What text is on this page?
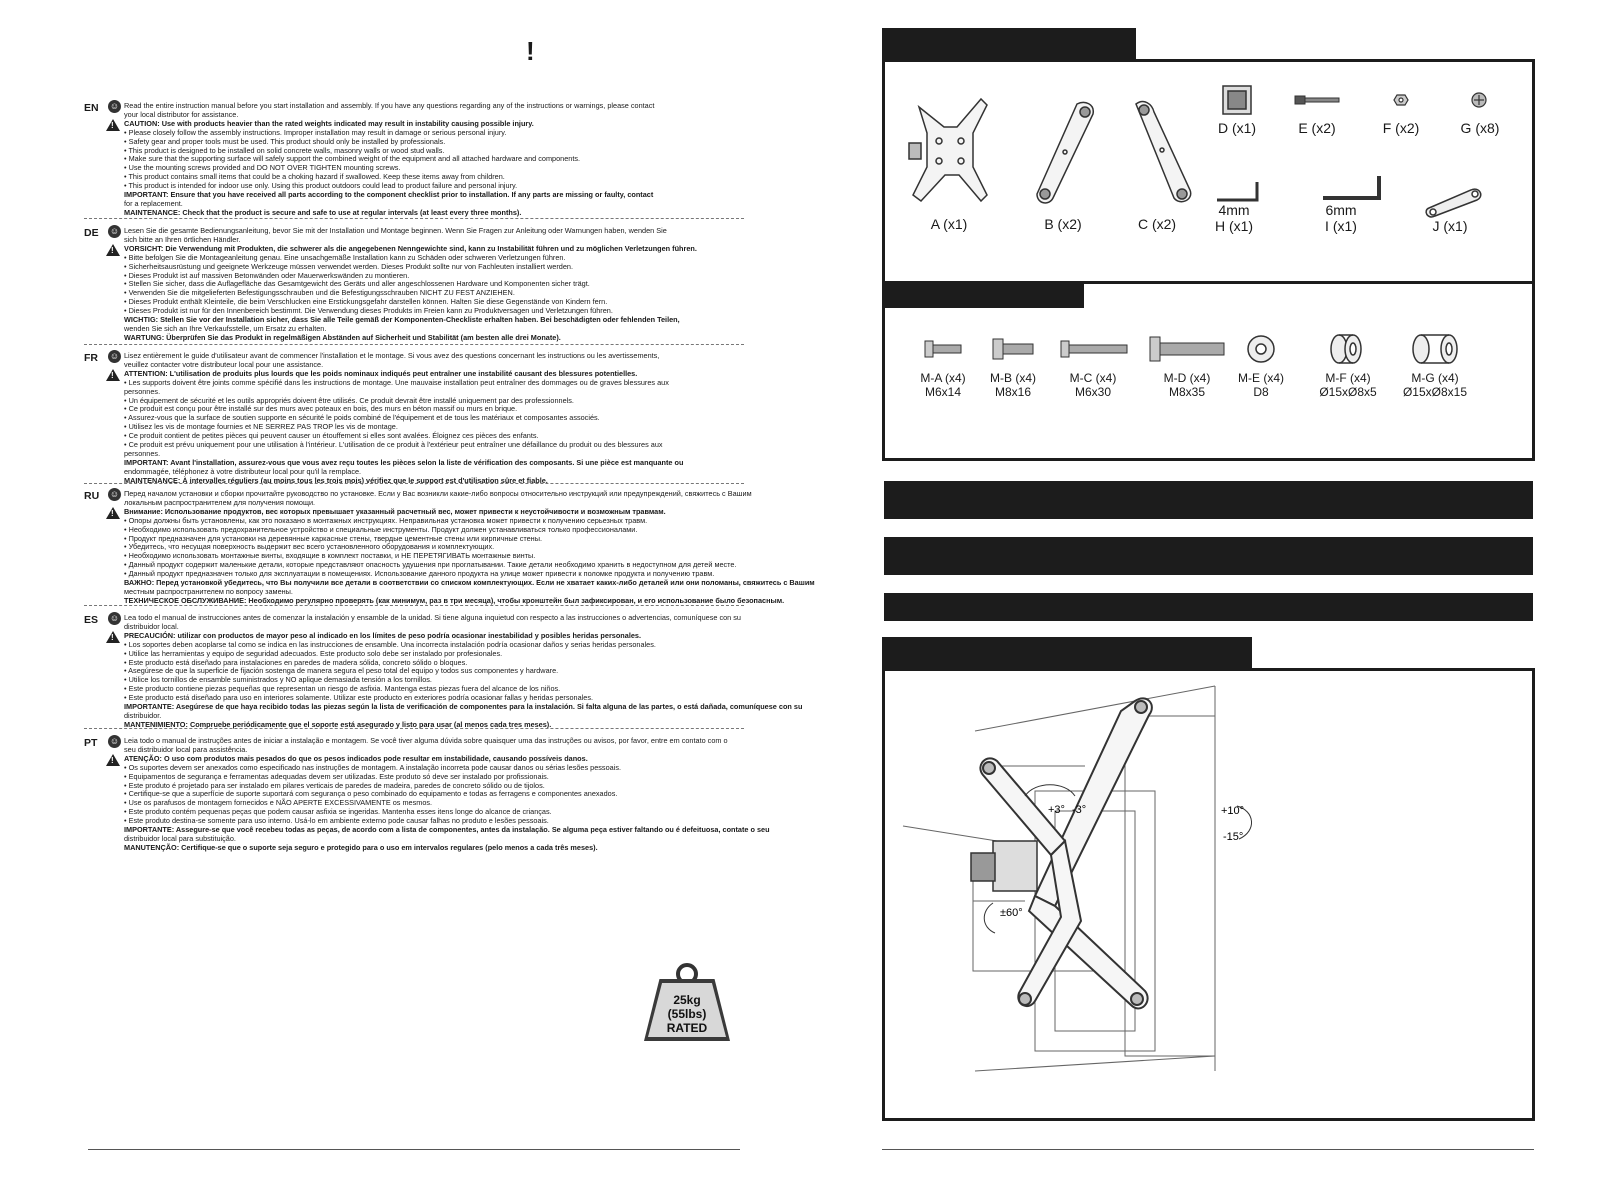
!
EN ☺
! Read the entire instruction manual before you start installation and assembly. If you have any questions regarding any of the instructions or warnings, please contact

your local distributor for assistance.

CAUTION: Use with products heavier than the rated weights indicated may result in instability causing possible injury.

• Please closely follow the assembly instructions. Improper installation may result in damage or serious personal injury.

• Safety gear and proper tools must be used. This product should only be installed by professionals.

• This product is designed to be installed on solid concrete walls, masonry walls or wood stud walls.

• Make sure that the supporting surface will safely support the combined weight of the equipment and all attached hardware and components.

• Use the mounting screws provided and DO NOT OVER TIGHTEN mounting screws.

• This product contains small items that could be a choking hazard if swallowed. Keep these items away from children.

• This product is intended for indoor use only. Using this product outdoors could lead to product failure and personal injury.

IMPORTANT: Ensure that you have received all parts according to the component checklist prior to installation. If any parts are missing or faulty, contact

for a replacement.

MAINTENANCE: Check that the product is secure and safe to use at regular intervals (at least every three months).

DE ☺
! Lesen Sie die gesamte Bedienungsanleitung, bevor Sie mit der Installation und Montage beginnen. Wenn Sie Fragen zur Anleitung oder Warnungen haben, wenden Sie

sich bitte an Ihren örtlichen Händler.

VORSICHT: Die Verwendung mit Produkten, die schwerer als die angegebenen Nenngewichte sind, kann zu Instabilität führen und zu möglichen Verletzungen führen.

• Bitte befolgen Sie die Montageanleitung genau. Eine unsachgemäße Installation kann zu Schäden oder schweren Verletzungen führen.

• Sicherheitsausrüstung und geeignete Werkzeuge müssen verwendet werden. Dieses Produkt sollte nur von Fachleuten installiert werden.

• Dieses Produkt ist auf massiven Betonwänden oder Mauerwerkswänden zu montieren.

• Stellen Sie sicher, dass die Auflagefläche das Gesamtgewicht des Geräts und aller angeschlossenen Hardware und Komponenten sicher trägt.

• Verwenden Sie die mitgelieferten Befestigungsschrauben und die Befestigungsschrauben NICHT ZU FEST ANZIEHEN.

• Dieses Produkt enthält Kleinteile, die beim Verschlucken eine Erstickungsgefahr darstellen können. Halten Sie diese Gegenstände von Kindern fern.

• Dieses Produkt ist nur für den Innenbereich bestimmt. Die Verwendung dieses Produkts im Freien kann zu Produktversagen und Verletzungen führen.

WICHTIG: Stellen Sie vor der Installation sicher, dass Sie alle Teile gemäß der Komponenten-Checkliste erhalten haben. Bei beschädigten oder fehlenden Teilen,

wenden Sie sich an Ihre Verkaufsstelle, um Ersatz zu erhalten.

WARTUNG: Überprüfen Sie das Produkt in regelmäßigen Abständen auf Sicherheit und Stabilität (am besten alle drei Monate).

FR ☺
! Lisez entièrement le guide d'utilisateur avant de commencer l'installation et le montage. Si vous avez des questions concernant les instructions ou les avertissements,

veuillez contacter votre distributeur local pour une assistance.

ATTENTION: L'utilisation de produits plus lourds que les poids nominaux indiqués peut entraîner une instabilité causant des blessures potentielles.

• Les supports doivent être joints comme spécifié dans les instructions de montage. Une mauvaise installation peut entraîner des dommages ou de graves blessures aux

personnes.

• Un équipement de sécurité et les outils appropriés doivent être utilisés. Ce produit devrait être installé uniquement par des professionnels.

• Ce produit est conçu pour être installé sur des murs avec poteaux en bois, des murs en béton massif ou murs en brique.

• Assurez-vous que la surface de soutien supporte en sécurité le poids combiné de l'équipement et de tous les matériaux et composantes associés.

• Utilisez les vis de montage fournies et NE SERREZ PAS TROP les vis de montage.

• Ce produit contient de petites pièces qui peuvent causer un étouffement si elles sont avalées. Éloignez ces pièces des enfants.

• Ce produit est prévu uniquement pour une utilisation à l'intérieur. L'utilisation de ce produit à l'extérieur peut entraîner une défaillance du produit ou des blessures aux

personnes.

IMPORTANT: Avant l'installation, assurez-vous que vous avez reçu toutes les pièces selon la liste de vérification des composants. Si une pièce est manquante ou

endommagée, téléphonez à votre distributeur local pour qu'il la remplace.

MAINTENANCE: À intervalles réguliers (au moins tous les trois mois) vérifiez que le support est d'utilisation sûre et fiable.

RU ☺
! Перед началом установки и сборки прочитайте руководство по установке. Если у Вас возникли какие-либо вопросы относительно инструкций или предупреждений, свяжитесь с Вашим

локальным распространителем для получения помощи.

Внимание: Использование продуктов, вес которых превышает указанный расчетный вес, может привести к неустойчивости и возможным травмам.

• Опоры должны быть установлены, как это показано в монтажных инструкциях. Неправильная установка может привести к получению серьезных травм.

• Необходимо использовать предохранительное устройство и специальные инструменты. Продукт должен устанавливаться только профессионалами.

• Продукт предназначен для установки на деревянные каркасные стены, твердые цементные стены или кирпичные стены.

• Убедитесь, что несущая поверхность выдержит вес всего установленного оборудования и комплектующих.

• Необходимо использовать монтажные винты, входящие в комплект поставки, и НЕ ПЕРЕТЯГИВАТЬ монтажные винты.

• Данный продукт содержит маленькие детали, которые представляют опасность удушения при проглатывании. Такие детали необходимо хранить в недоступном для детей месте.

• Данный продукт предназначен только для эксплуатации в помещениях. Использование данного продукта на улице может привести к поломке продукта и получению травм.

ВАЖНО: Перед установкой убедитесь, что Вы получили все детали в соответствии со списком комплектующих. Если не хватает каких-либо деталей или они поломаны, свяжитесь с Вашим

местным распространителем по вопросу замены.

ТЕХНИЧЕСКОЕ ОБСЛУЖИВАНИЕ: Необходимо регулярно проверять (как минимум, раз в три месяца), чтобы кронштейн был зафиксирован, и его использование было безопасным.

ES ☺
! Lea todo el manual de instrucciones antes de comenzar la instalación y ensamble de la unidad. Si tiene alguna inquietud con respecto a las instrucciones o advertencias, comuníquese con su

distribuidor local.

PRECAUCIÓN: utilizar con productos de mayor peso al indicado en los límites de peso podría ocasionar inestabilidad y posibles heridas personales.

• Los soportes deben acoplarse tal como se indica en las instrucciones de ensamble. Una incorrecta instalación podría ocasionar daños y serias heridas personales.

• Utilice las herramientas y equipo de seguridad adecuados. Este producto solo debe ser instalado por profesionales.

• Este producto está diseñado para instalaciones en paredes de madera sólida, concreto sólido o bloques.

• Asegúrese de que la superficie de fijación sostenga de manera segura el peso total del equipo y todos sus componentes y hardware.

• Utilice los tornillos de ensamble suministrados y NO aplique demasiada tensión a los tornillos.

• Este producto contiene piezas pequeñas que representan un riesgo de asfixia. Mantenga estas piezas fuera del alcance de los niños.

• Este producto está diseñado para uso en interiores solamente. Utilizar este producto en exteriores podría ocasionar fallas y heridas personales.

IMPORTANTE: Asegúrese de que haya recibido todas las piezas según la lista de verificación de componentes para la instalación. Si falta alguna de las partes, o está dañada, comuníquese con su

distribuidor.

MANTENIMIENTO: Compruebe periódicamente que el soporte está asegurado y listo para usar (al menos cada tres meses).

PT ☺
! Leia todo o manual de instruções antes de iniciar a instalação e montagem. Se você tiver alguma dúvida sobre quaisquer uma das instruções ou avisos, por favor, entre em contato com o

seu distribuidor local para assistência.

ATENÇÃO: O uso com produtos mais pesados do que os pesos indicados pode resultar em instabilidade, causando possíveis danos.

• Os suportes devem ser anexados como especificado nas instruções de montagem. A instalação incorreta pode causar danos ou sérias lesões pessoais.

• Equipamentos de segurança e ferramentas adequadas devem ser utilizadas. Este produto só deve ser instalado por profissionais.

• Este produto é projetado para ser instalado em pilares verticais de paredes de madeira, paredes de concreto sólido ou de tijolos.

• Certifique-se que a superfície de suporte suportará com segurança o peso combinado do equipamento e todas as ferragens e componentes anexados.

• Use os parafusos de montagem fornecidos e NÃO APERTE EXCESSIVAMENTE os mesmos.

• Este produto contém pequenas peças que podem causar asfixia se ingeridas. Mantenha esses itens longe do alcance de crianças.

• Este produto destina-se somente para uso interno. Usá-lo em ambiente externo pode causar falhas no produto e lesões pessoais.

IMPORTANTE: Assegure-se que você recebeu todas as peças, de acordo com a lista de componentes, antes da instalação. Se alguma peça estiver faltando ou é defeituosa, contate o seu

distribuidor local para substituição.

MANUTENÇÃO: Certifique-se que o suporte seja seguro e protegido para o uso em intervalos regulares (pelo menos a cada três meses).

25kg
(55lbs)
RATED
A (x1)	B (x2)	C (x2)
D (x1)	E (x2)	F (x2)	G (x8)
4mm
H (x1)
6mm
I (x1)	J (x1)
M-A (x4)
M6x14
M-B (x4)
M8x16
M-C (x4)
M6x30
M-D (x4)
M8x35
M-E (x4)
D8
M-F (x4)
Ø15xØ8x5
M-G (x4)
Ø15xØ8x15
+3° -3°
±60°
+10°
-15°
